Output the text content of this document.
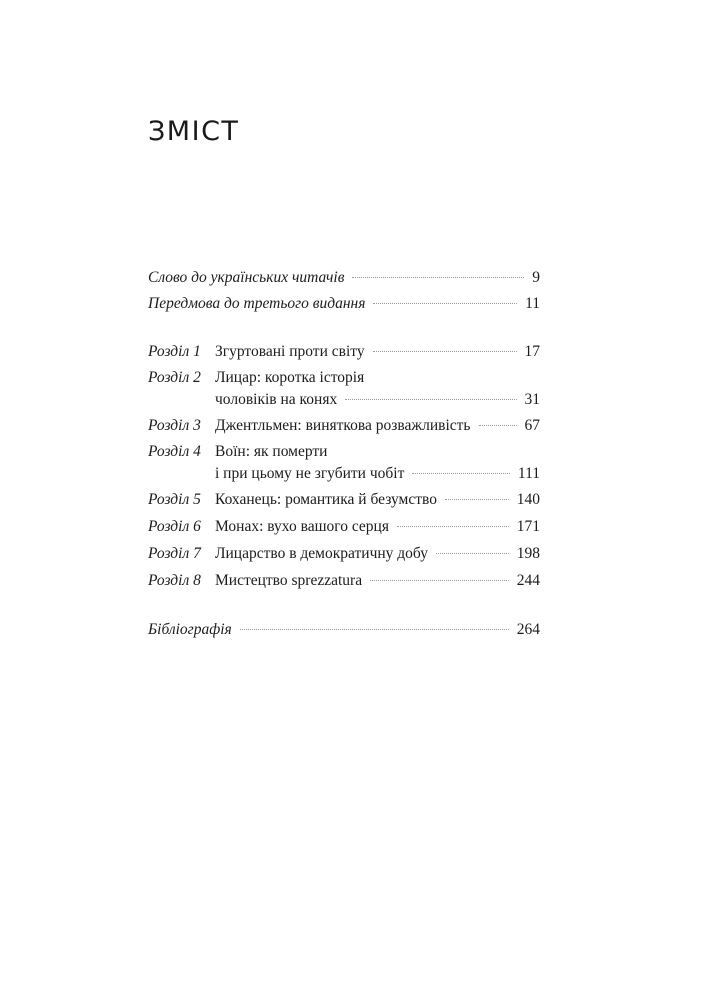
ЗМІСТ
Слово до українських читачів	9
Передмова до третього видання	11
Розділ 1 Згуртовані проти світу	17
Розділ 2 Лицар: коротка історія
чоловіків на конях	31
Розділ 3 Джентльмен: виняткова розважливість	67
Розділ 4 Воїн: як померти
і при цьому не згубити чобіт	111
Розділ 5 Коханець: романтика й безумство	140
Розділ 6 Монах: вухо вашого серця	171
Розділ 7 Лицарство в демократичну добу	198
Розділ 8 Мистецтво sprezzatura	244
Бібліографія	264
